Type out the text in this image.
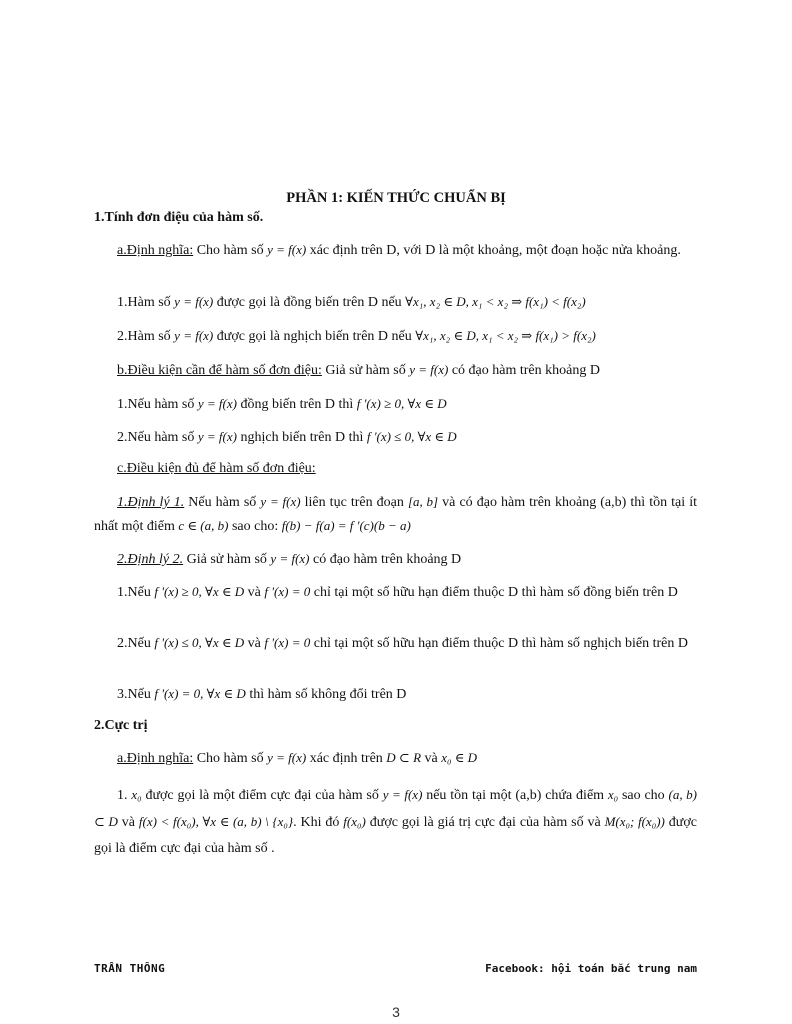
PHẦN 1: KIẾN THỨC CHUẨN BỊ
1.Tính đơn điệu của hàm số.
a.Định nghĩa: Cho hàm số y = f(x) xác định trên D, với D là một khoảng, một đoạn hoặc nửa khoảng.
1.Hàm số y = f(x) được gọi là đồng biến trên D nếu ∀x₁, x₂ ∈ D, x₁ < x₂ ⇒ f(x₁) < f(x₂)
2.Hàm số y = f(x) được gọi là nghịch biến trên D nếu ∀x₁, x₂ ∈ D, x₁ < x₂ ⇒ f(x₁) > f(x₂)
b.Điều kiện cần để hàm số đơn điệu: Giả sử hàm số y = f(x) có đạo hàm trên khoảng D
1.Nếu hàm số y = f(x) đồng biến trên D thì f '(x) ≥ 0, ∀x ∈ D
2.Nếu hàm số y = f(x) nghịch biến trên D thì f '(x) ≤ 0, ∀x ∈ D
c.Điều kiện đủ để hàm số đơn điệu:
1.Định lý 1. Nếu hàm số y = f(x) liên tục trên đoạn [a, b] và có đạo hàm trên khoảng (a,b) thì tồn tại ít nhất một điểm c ∈ (a, b) sao cho: f(b) − f(a) = f '(c)(b − a)
2.Định lý 2. Giả sử hàm số y = f(x) có đạo hàm trên khoảng D
1.Nếu f '(x) ≥ 0, ∀x ∈ D và f '(x) = 0 chỉ tại một số hữu hạn điểm thuộc D thì hàm số đồng biến trên D
2.Nếu f '(x) ≤ 0, ∀x ∈ D và f '(x) = 0 chỉ tại một số hữu hạn điểm thuộc D thì hàm số nghịch biến trên D
3.Nếu f '(x) = 0, ∀x ∈ D thì hàm số không đổi trên D
2.Cực trị
a.Định nghĩa: Cho hàm số y = f(x) xác định trên D ⊂ R và x₀ ∈ D
1. x₀ được gọi là một điểm cực đại của hàm số y = f(x) nếu tồn tại một (a,b) chứa điểm x₀ sao cho (a, b) ⊂ D và f(x) < f(x₀), ∀x ∈ (a, b) \ {x₀}. Khi đó f(x₀) được gọi là giá trị cực đại của hàm số và M(x₀; f(x₀)) được gọi là điểm cực đại của hàm số .
TRẦN THÔNG	Facebook: hội toán bắc trung nam
3
